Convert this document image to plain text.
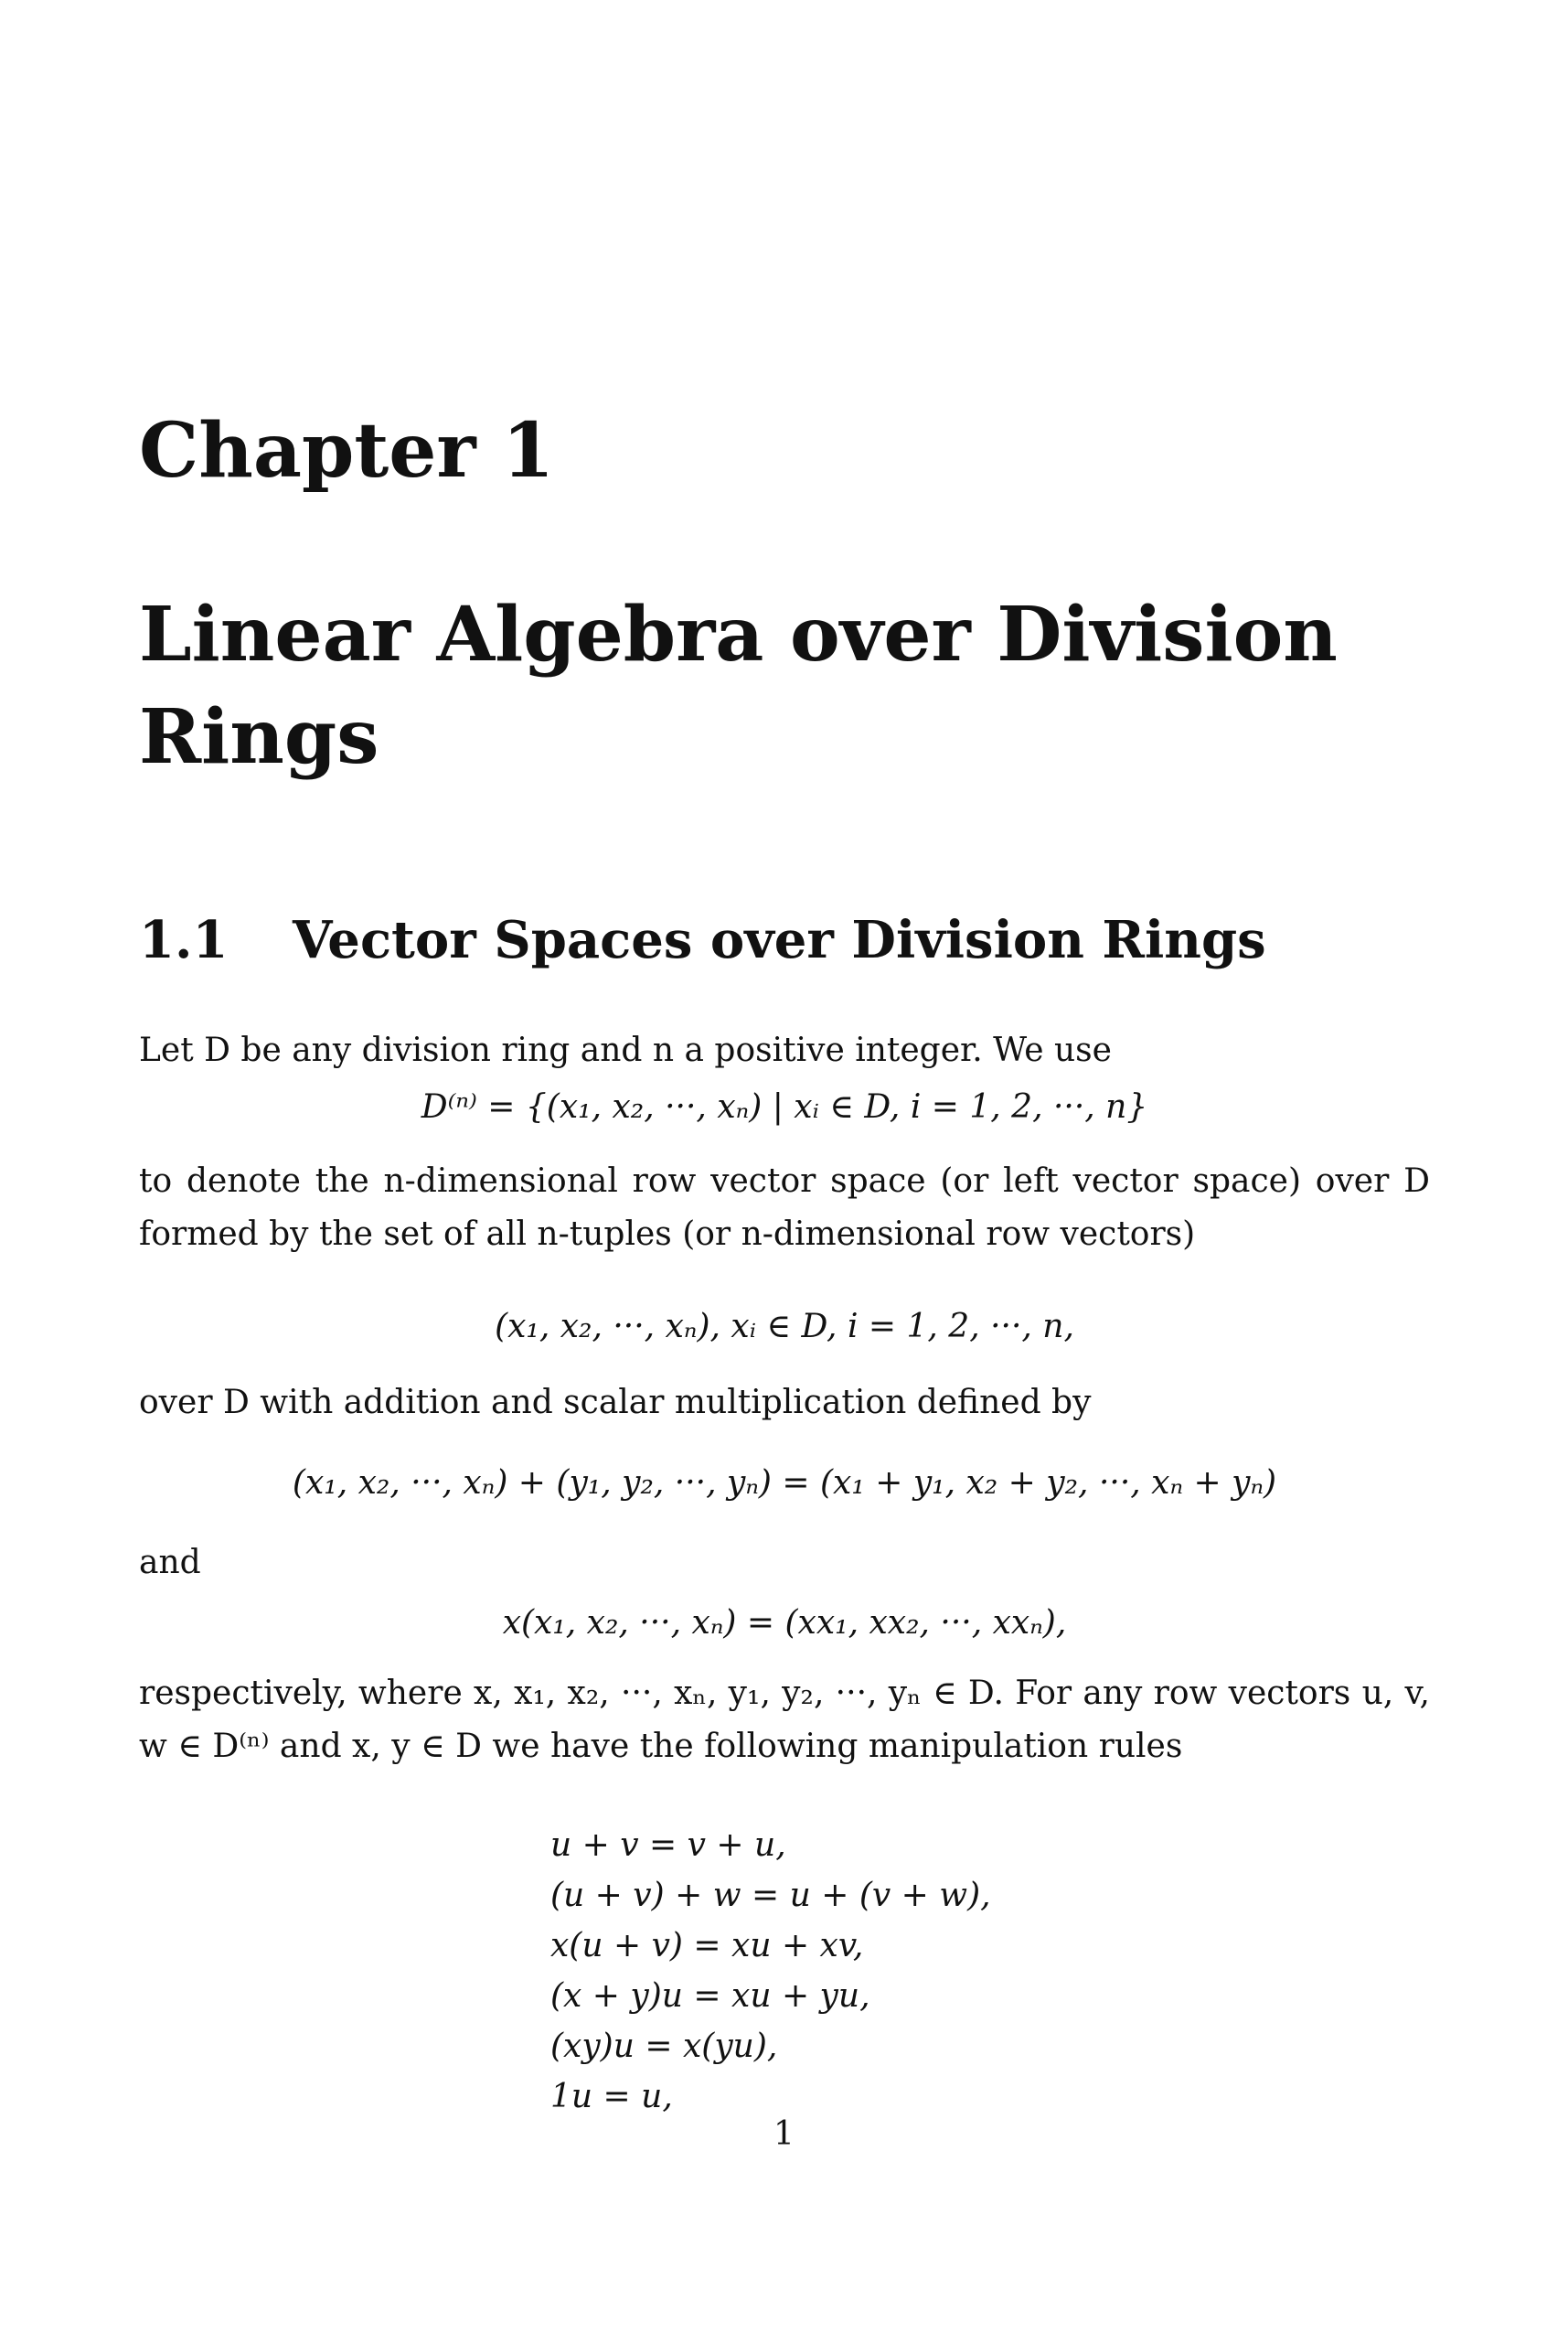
Chapter 1
Linear Algebra over Division Rings
1.1 Vector Spaces over Division Rings
Let D be any division ring and n a positive integer. We use
D⁽ⁿ⁾ = {(x₁, x₂, ···, xₙ) | xᵢ ∈ D, i = 1, 2, ···, n}
to denote the n-dimensional row vector space (or left vector space) over D formed by the set of all n-tuples (or n-dimensional row vectors)
(x₁, x₂, ···, xₙ), xᵢ ∈ D, i = 1, 2, ···, n,
over D with addition and scalar multiplication defined by
(x₁, x₂, ···, xₙ) + (y₁, y₂, ···, yₙ) = (x₁ + y₁, x₂ + y₂, ···, xₙ + yₙ)
and
x(x₁, x₂, ···, xₙ) = (xx₁, xx₂, ···, xxₙ),
respectively, where x, x₁, x₂, ···, xₙ, y₁, y₂, ···, yₙ ∈ D. For any row vectors u, v, w ∈ D⁽ⁿ⁾ and x, y ∈ D we have the following manipulation rules
u + v = v + u,
(u + v) + w = u + (v + w),
x(u + v) = xu + xv,
(x + y)u = xu + yu,
(xy)u = x(yu),
1u = u,
1
